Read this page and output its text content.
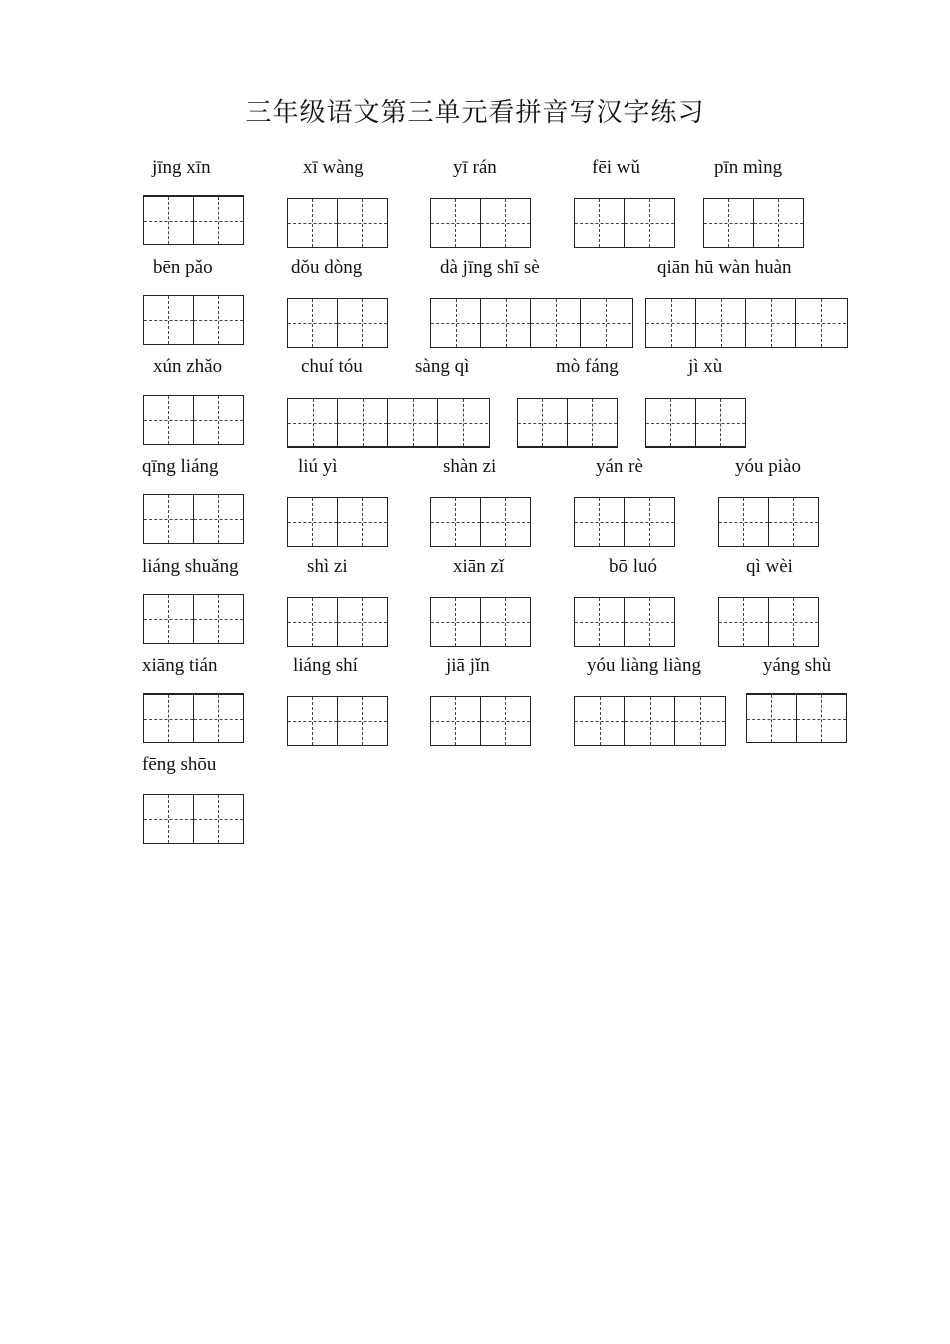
三年级语文第三单元看拼音写汉字练习
jīng xīn	xī wàng	yī rán	fēi wǔ	pīn mìng
bēn pǎo	dǒu dòng	dà jīng shī sè	qiān hū wàn huàn
xún zhǎo	chuí tóu	sàng qì	mò fáng	jì xù
qīng liáng	liú yì	shàn zi	yán rè	yóu piào
liáng shuǎng	shì zi	xiān zǐ	bō luó	qì wèi
xiāng tián	liáng shí	jiā jǐn	yóu liàng liàng	yáng shù
fēng shōu
